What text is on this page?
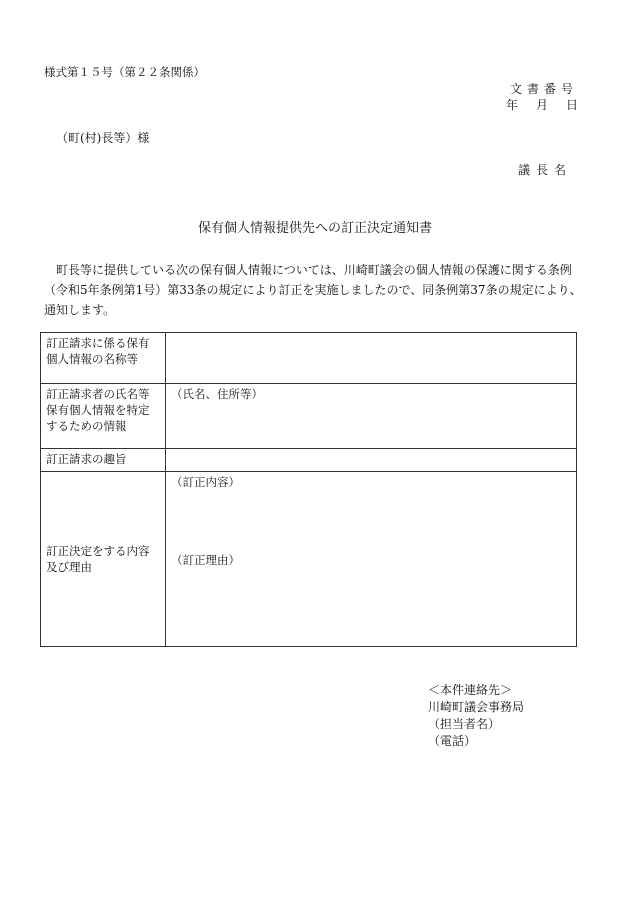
様式第１５号（第２２条関係）
文書番号
年 月 日
（町(村)長等）様
議長名
保有個人情報提供先への訂正決定通知書

町長等に提供している次の保有個人情報については、川崎町議会の個人情報の保護に関する条例（令和5年条例第1号）第33条の規定により訂正を実施しましたので、同条例第37条の規定により、通知します。

訂正請求に係る保有個人情報の名称等	
訂正請求者の氏名等保有個人情報を特定するための情報	（氏名、住所等）
訂正請求の趣旨	
訂正決定をする内容及び理由	（訂正内容）
（訂正理由）
＜本件連絡先＞
川崎町議会事務局
（担当者名）
（電話）
